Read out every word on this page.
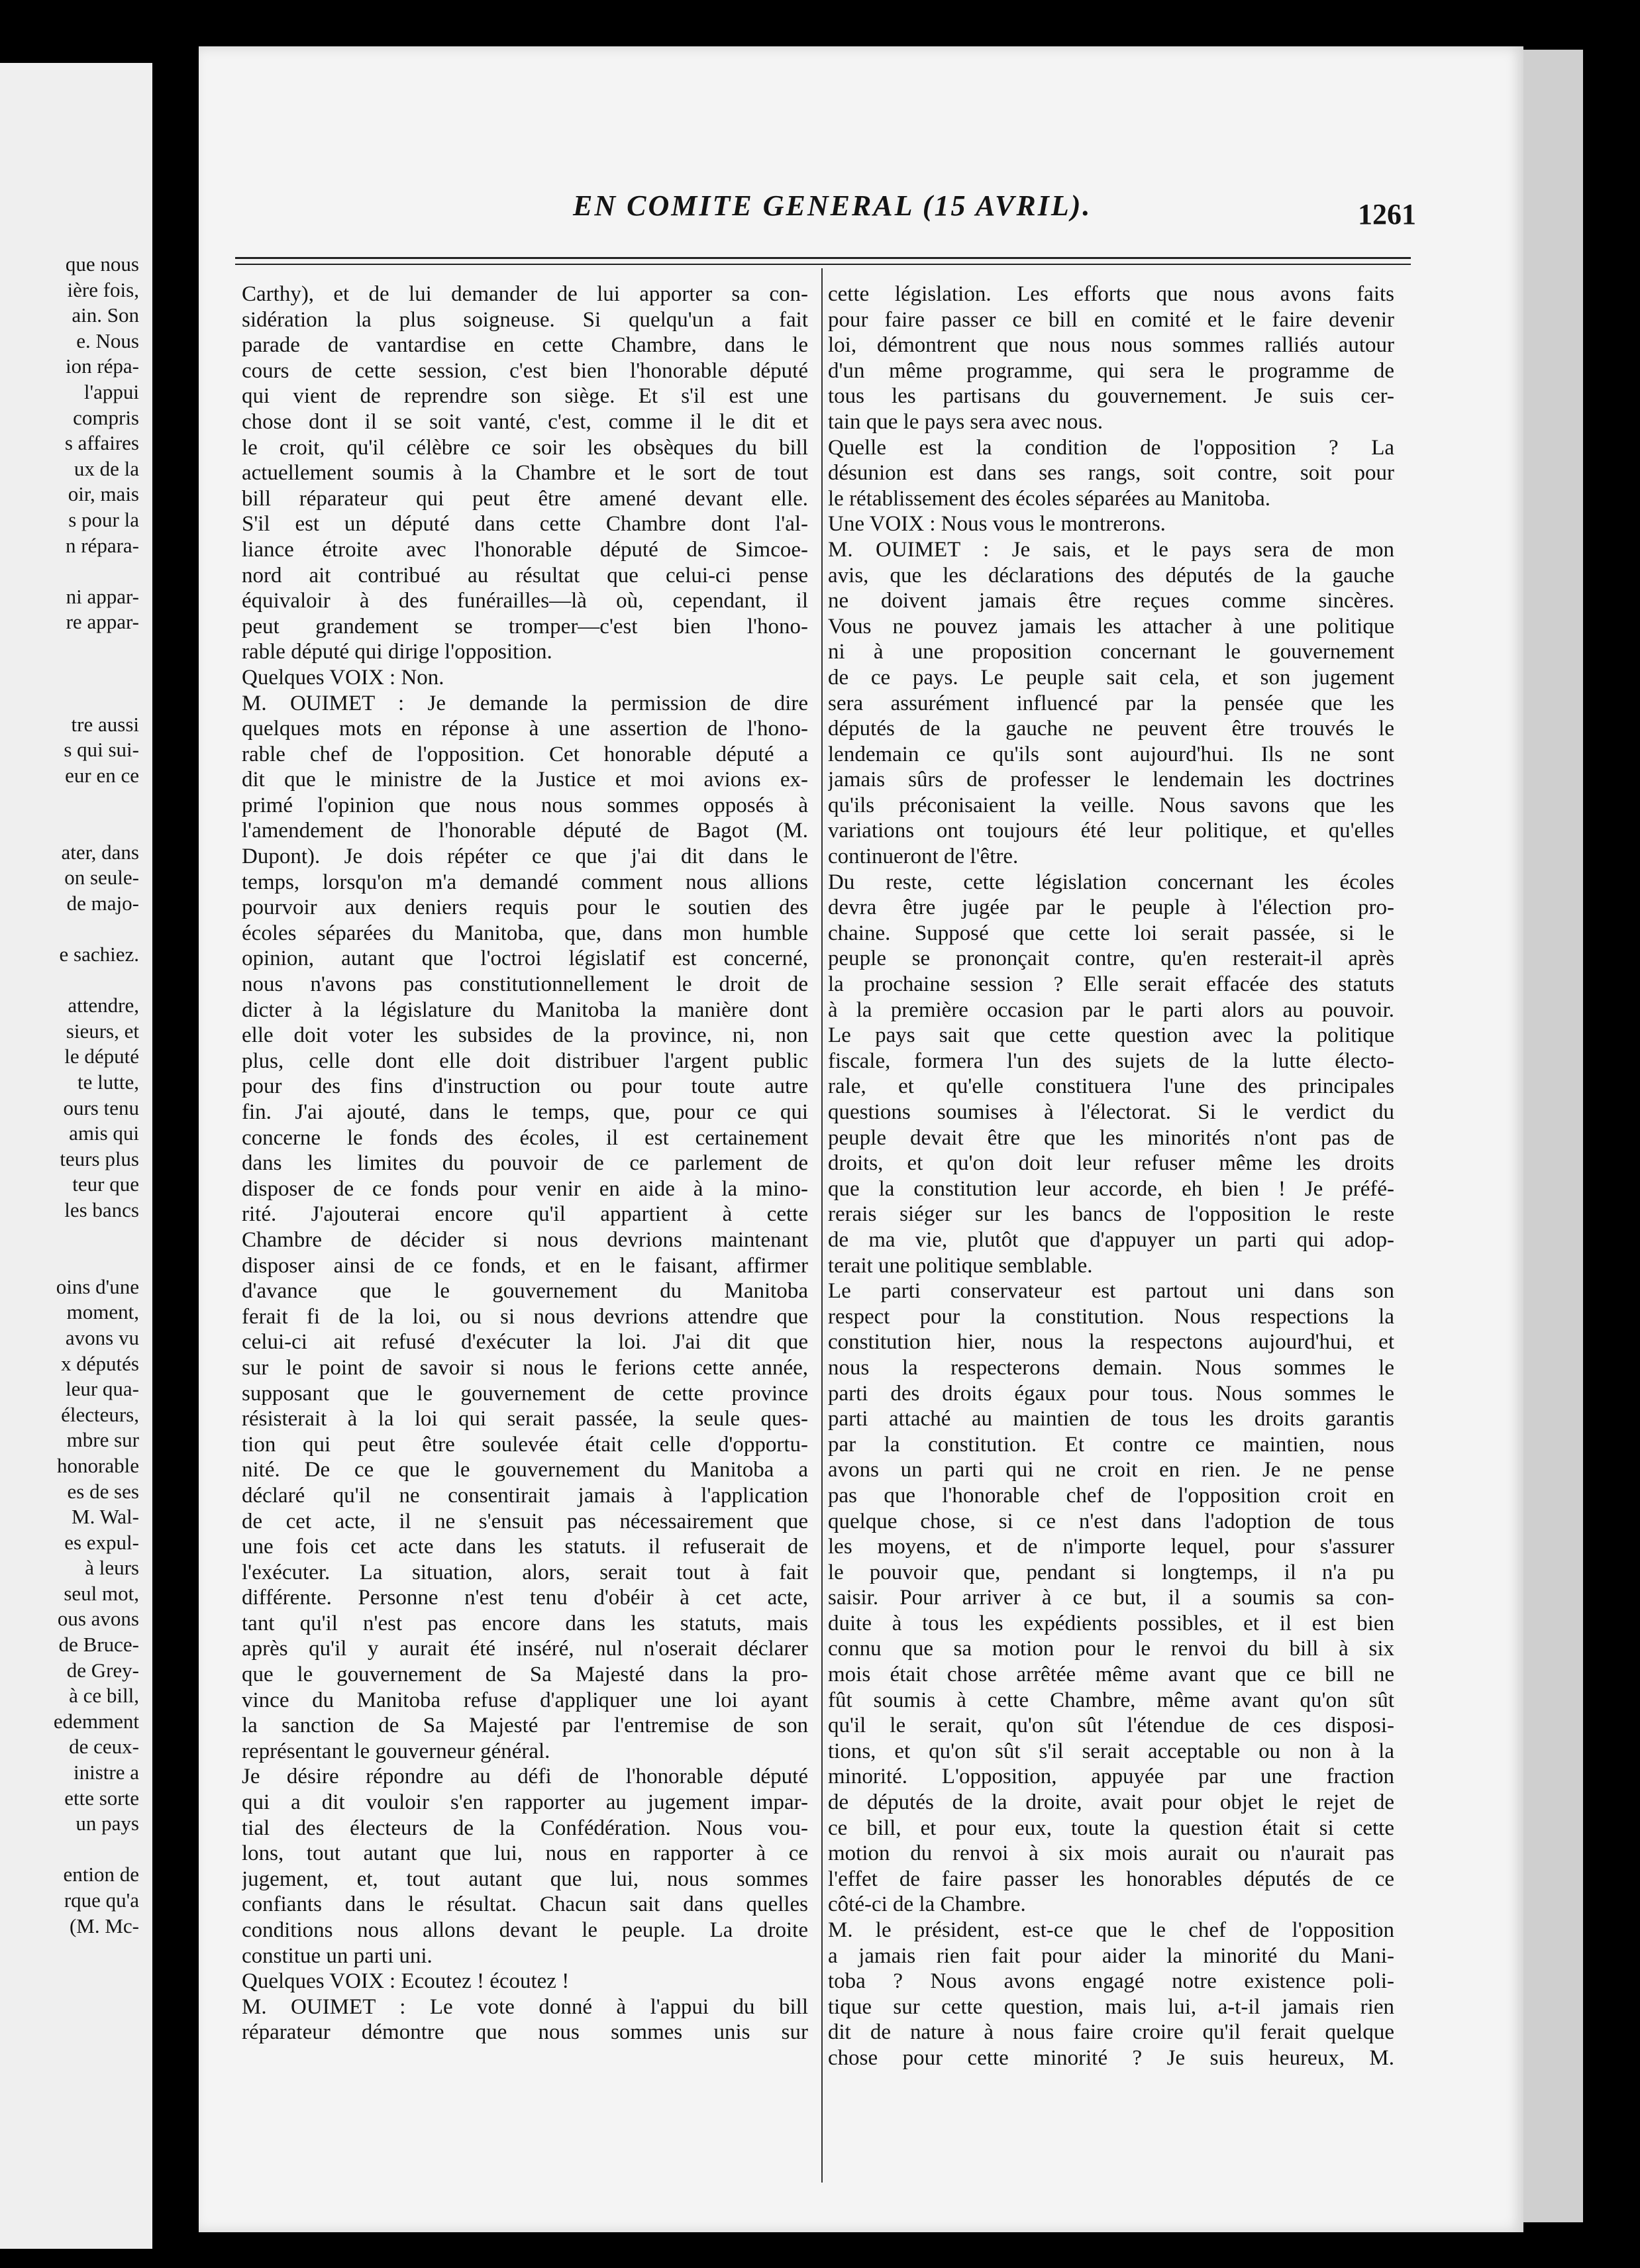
que nous
ière fois,
ain. Son
e. Nous
ion répa-
l'appui
compris
s affaires
ux de la
oir, mais
s pour la
n répara-
ni appar-
re appar-
tre aussi
s qui sui-
eur en ce
ater, dans
on seule-
de majo-
e sachiez.
attendre,
sieurs, et
le député
te lutte,
ours tenu
amis qui
teurs plus
teur que
les bancs
oins d'une
moment,
avons vu
x députés
leur qua-
électeurs,
mbre sur
honorable
es de ses
M. Wal-
es expul-
à leurs
seul mot,
ous avons
de Bruce-
de Grey-
à ce bill,
edemment
de ceux-
inistre a
ette sorte
un pays
ention de
rque qu'a
(M. Mc-
EN COMITE GENERAL (15 AVRIL).	1261
Carthy), et de lui demander de lui apporter sa con-
sidération la plus soigneuse. Si quelqu'un a fait
parade de vantardise en cette Chambre, dans le
cours de cette session, c'est bien l'honorable député
qui vient de reprendre son siège. Et s'il est une
chose dont il se soit vanté, c'est, comme il le dit et
le croit, qu'il célèbre ce soir les obsèques du bill
actuellement soumis à la Chambre et le sort de tout
bill réparateur qui peut être amené devant elle.
S'il est un député dans cette Chambre dont l'al-
liance étroite avec l'honorable député de Simcoe-
nord ait contribué au résultat que celui-ci pense
équivaloir à des funérailles—là où, cependant, il
peut grandement se tromper—c'est bien l'hono-
rable député qui dirige l'opposition.
Quelques VOIX : Non.
M. OUIMET : Je demande la permission de dire
quelques mots en réponse à une assertion de l'hono-
rable chef de l'opposition. Cet honorable député a
dit que le ministre de la Justice et moi avions ex-
primé l'opinion que nous nous sommes opposés à
l'amendement de l'honorable député de Bagot (M.
Dupont). Je dois répéter ce que j'ai dit dans le
temps, lorsqu'on m'a demandé comment nous allions
pourvoir aux deniers requis pour le soutien des
écoles séparées du Manitoba, que, dans mon humble
opinion, autant que l'octroi législatif est concerné,
nous n'avons pas constitutionnellement le droit de
dicter à la législature du Manitoba la manière dont
elle doit voter les subsides de la province, ni, non
plus, celle dont elle doit distribuer l'argent public
pour des fins d'instruction ou pour toute autre
fin. J'ai ajouté, dans le temps, que, pour ce qui
concerne le fonds des écoles, il est certainement
dans les limites du pouvoir de ce parlement de
disposer de ce fonds pour venir en aide à la mino-
rité. J'ajouterai encore qu'il appartient à cette
Chambre de décider si nous devrions maintenant
disposer ainsi de ce fonds, et en le faisant, affirmer
d'avance que le gouvernement du Manitoba
ferait fi de la loi, ou si nous devrions attendre que
celui-ci ait refusé d'exécuter la loi. J'ai dit que
sur le point de savoir si nous le ferions cette année,
supposant que le gouvernement de cette province
résisterait à la loi qui serait passée, la seule ques-
tion qui peut être soulevée était celle d'opportu-
nité. De ce que le gouvernement du Manitoba a
déclaré qu'il ne consentirait jamais à l'application
de cet acte, il ne s'ensuit pas nécessairement que
une fois cet acte dans les statuts. il refuserait de
l'exécuter. La situation, alors, serait tout à fait
différente. Personne n'est tenu d'obéir à cet acte,
tant qu'il n'est pas encore dans les statuts, mais
après qu'il y aurait été inséré, nul n'oserait déclarer
que le gouvernement de Sa Majesté dans la pro-
vince du Manitoba refuse d'appliquer une loi ayant
la sanction de Sa Majesté par l'entremise de son
représentant le gouverneur général.
Je désire répondre au défi de l'honorable député
qui a dit vouloir s'en rapporter au jugement impar-
tial des électeurs de la Confédération. Nous vou-
lons, tout autant que lui, nous en rapporter à ce
jugement, et, tout autant que lui, nous sommes
confiants dans le résultat. Chacun sait dans quelles
conditions nous allons devant le peuple. La droite
constitue un parti uni.
Quelques VOIX : Ecoutez ! écoutez !
M. OUIMET : Le vote donné à l'appui du bill
réparateur démontre que nous sommes unis sur
cette législation. Les efforts que nous avons faits
pour faire passer ce bill en comité et le faire devenir
loi, démontrent que nous nous sommes ralliés autour
d'un même programme, qui sera le programme de
tous les partisans du gouvernement. Je suis cer-
tain que le pays sera avec nous.
Quelle est la condition de l'opposition ? La
désunion est dans ses rangs, soit contre, soit pour
le rétablissement des écoles séparées au Manitoba.
Une VOIX : Nous vous le montrerons.
M. OUIMET : Je sais, et le pays sera de mon
avis, que les déclarations des députés de la gauche
ne doivent jamais être reçues comme sincères.
Vous ne pouvez jamais les attacher à une politique
ni à une proposition concernant le gouvernement
de ce pays. Le peuple sait cela, et son jugement
sera assurément influencé par la pensée que les
députés de la gauche ne peuvent être trouvés le
lendemain ce qu'ils sont aujourd'hui. Ils ne sont
jamais sûrs de professer le lendemain les doctrines
qu'ils préconisaient la veille. Nous savons que les
variations ont toujours été leur politique, et qu'elles
continueront de l'être.
Du reste, cette législation concernant les écoles
devra être jugée par le peuple à l'élection pro-
chaine. Supposé que cette loi serait passée, si le
peuple se prononçait contre, qu'en resterait-il après
la prochaine session ? Elle serait effacée des statuts
à la première occasion par le parti alors au pouvoir.
Le pays sait que cette question avec la politique
fiscale, formera l'un des sujets de la lutte électo-
rale, et qu'elle constituera l'une des principales
questions soumises à l'électorat. Si le verdict du
peuple devait être que les minorités n'ont pas de
droits, et qu'on doit leur refuser même les droits
que la constitution leur accorde, eh bien ! Je préfé-
rerais siéger sur les bancs de l'opposition le reste
de ma vie, plutôt que d'appuyer un parti qui adop-
terait une politique semblable.
Le parti conservateur est partout uni dans son
respect pour la constitution. Nous respections la
constitution hier, nous la respectons aujourd'hui, et
nous la respecterons demain. Nous sommes le
parti des droits égaux pour tous. Nous sommes le
parti attaché au maintien de tous les droits garantis
par la constitution. Et contre ce maintien, nous
avons un parti qui ne croit en rien. Je ne pense
pas que l'honorable chef de l'opposition croit en
quelque chose, si ce n'est dans l'adoption de tous
les moyens, et de n'importe lequel, pour s'assurer
le pouvoir que, pendant si longtemps, il n'a pu
saisir. Pour arriver à ce but, il a soumis sa con-
duite à tous les expédients possibles, et il est bien
connu que sa motion pour le renvoi du bill à six
mois était chose arrêtée même avant que ce bill ne
fût soumis à cette Chambre, même avant qu'on sût
qu'il le serait, qu'on sût l'étendue de ces disposi-
tions, et qu'on sût s'il serait acceptable ou non à la
minorité. L'opposition, appuyée par une fraction
de députés de la droite, avait pour objet le rejet de
ce bill, et pour eux, toute la question était si cette
motion du renvoi à six mois aurait ou n'aurait pas
l'effet de faire passer les honorables députés de ce
côté-ci de la Chambre.
M. le président, est-ce que le chef de l'opposition
a jamais rien fait pour aider la minorité du Mani-
toba ? Nous avons engagé notre existence poli-
tique sur cette question, mais lui, a-t-il jamais rien
dit de nature à nous faire croire qu'il ferait quelque
chose pour cette minorité ? Je suis heureux, M.
